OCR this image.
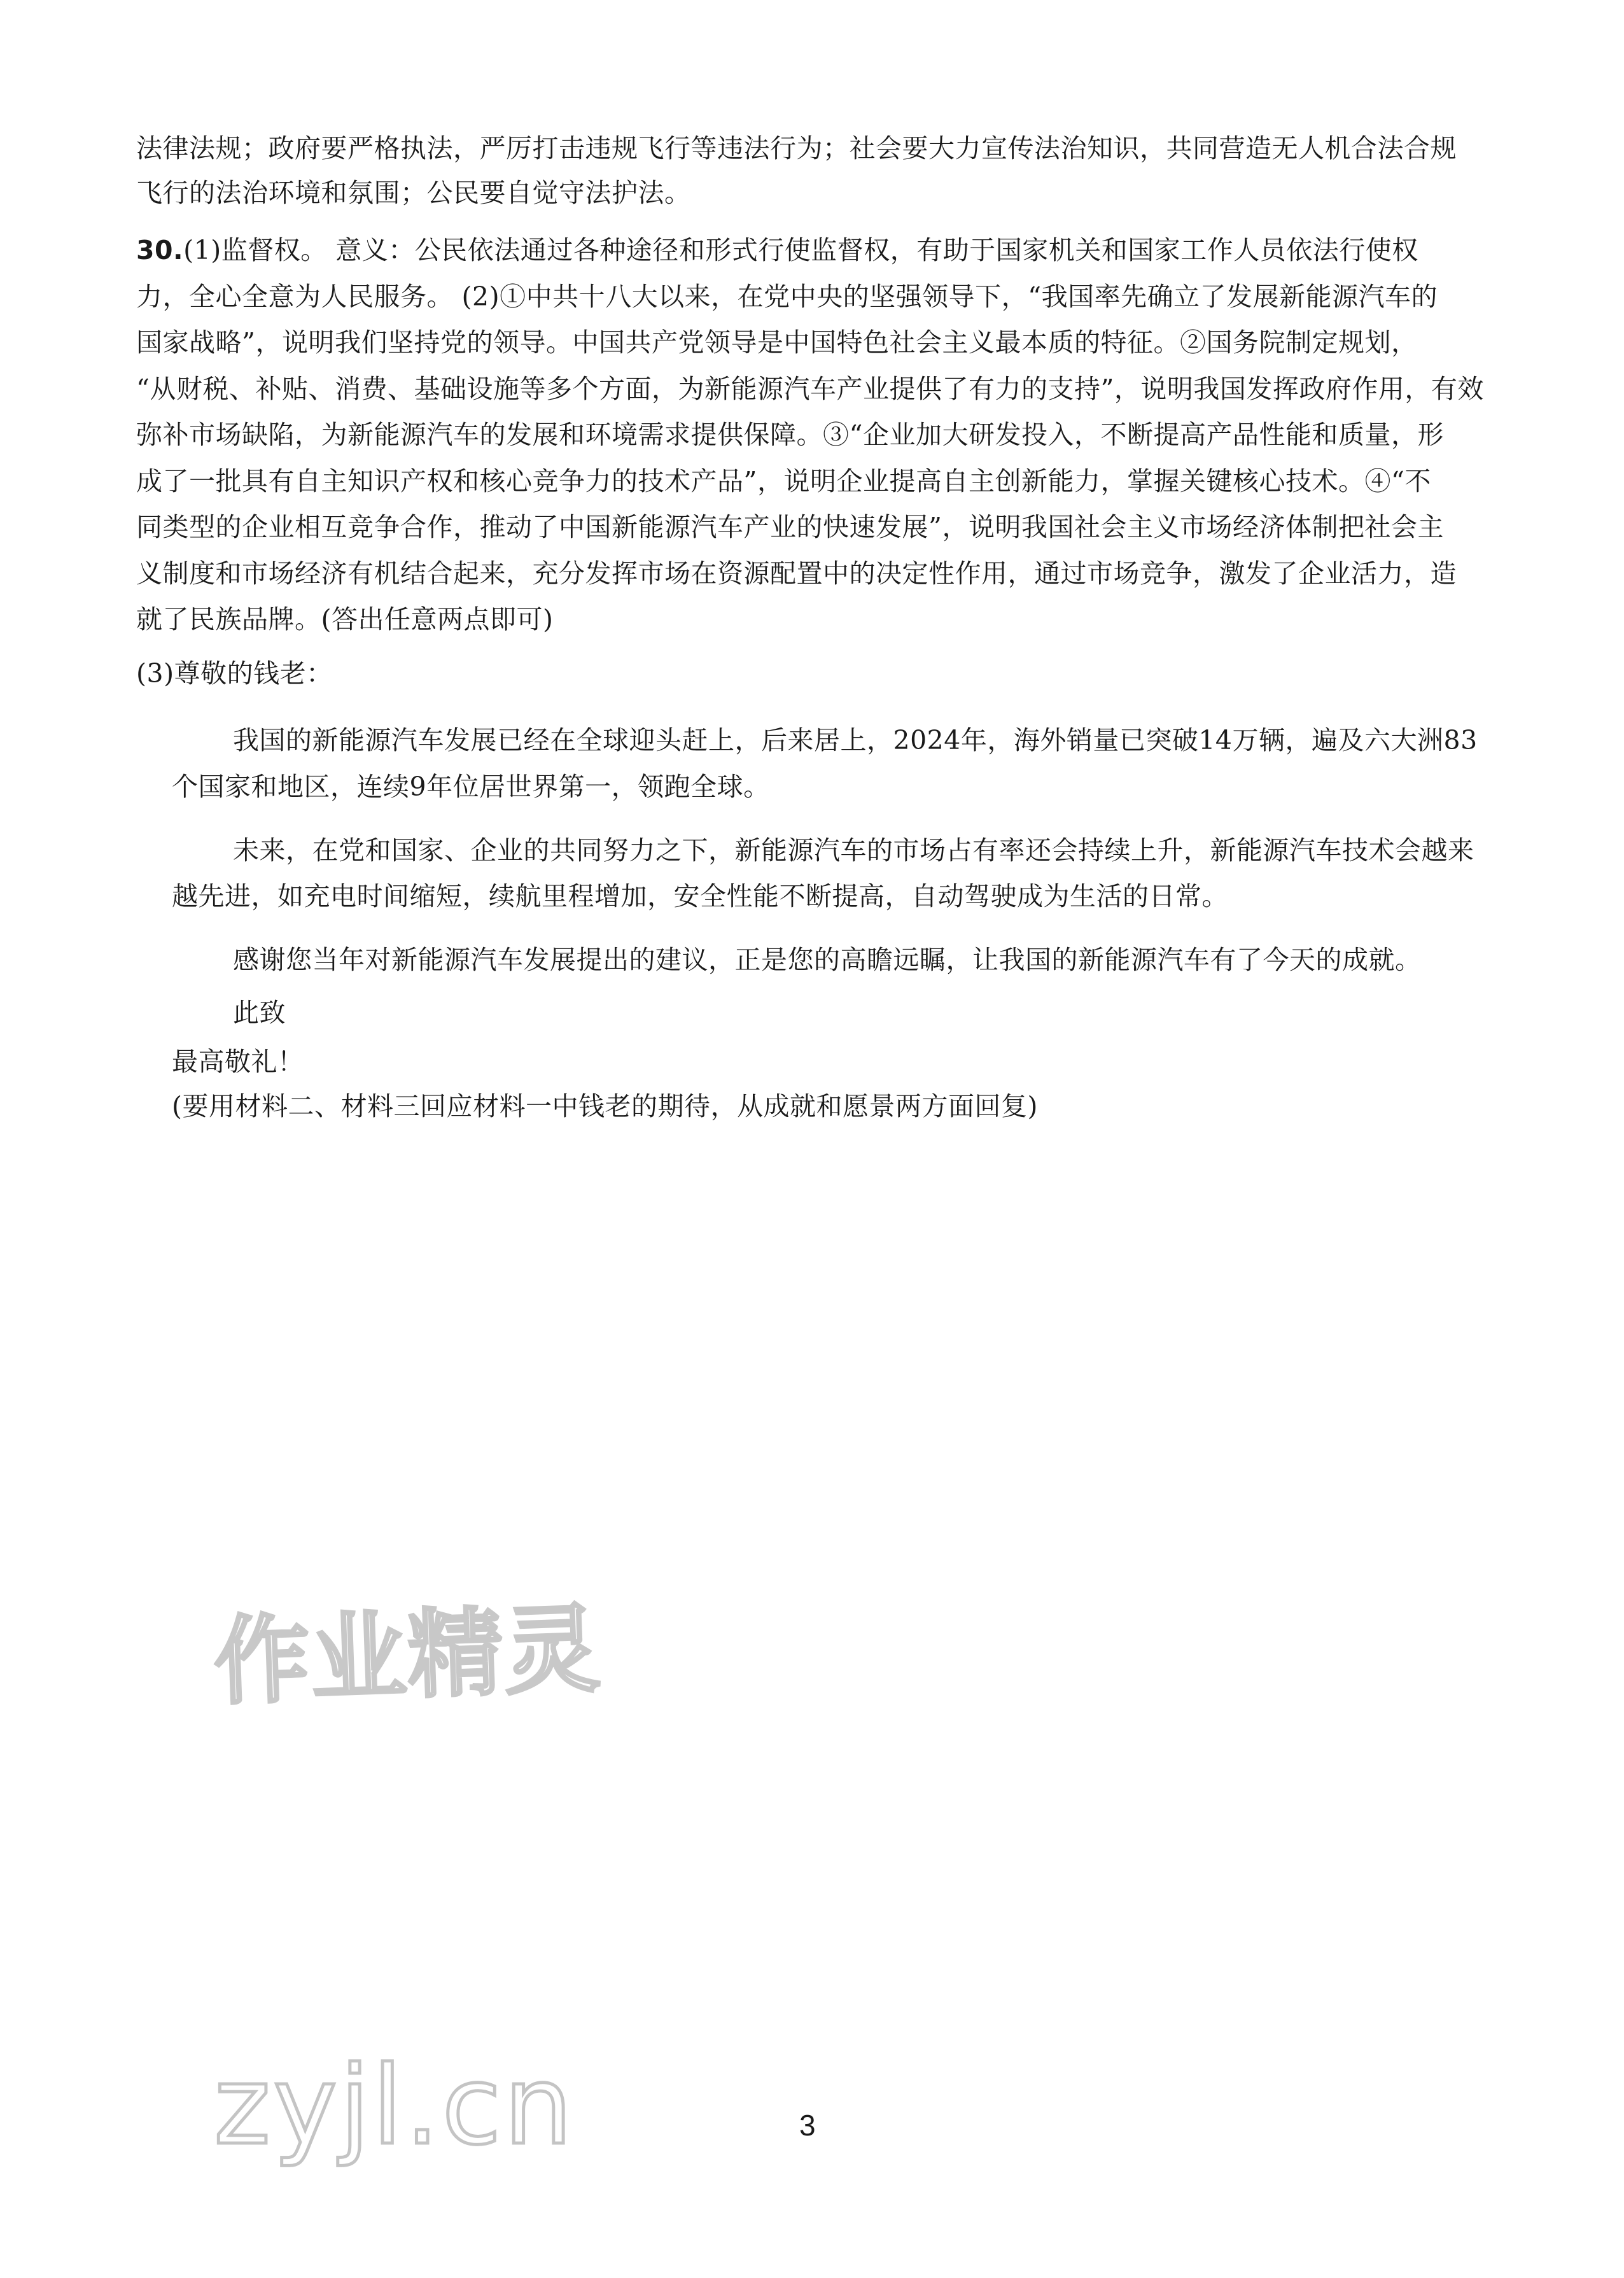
法律法规；政府要严格执法，严厉打击违规飞行等违法行为；社会要大力宣传法治知识，共同营造无人机合法合规
飞行的法治环境和氛围；公民要自觉守法护法。
30.(1)监督权。 意义：公民依法通过各种途径和形式行使监督权，有助于国家机关和国家工作人员依法行使权
力，全心全意为人民服务。 (2)①中共十八大以来，在党中央的坚强领导下，“我国率先确立了发展新能源汽车的
国家战略”，说明我们坚持党的领导。中国共产党领导是中国特色社会主义最本质的特征。②国务院制定规划，
“从财税、补贴、消费、基础设施等多个方面，为新能源汽车产业提供了有力的支持”，说明我国发挥政府作用，有效
弥补市场缺陷，为新能源汽车的发展和环境需求提供保障。③“企业加大研发投入，不断提高产品性能和质量，形
成了一批具有自主知识产权和核心竞争力的技术产品”，说明企业提高自主创新能力，掌握关键核心技术。④“不
同类型的企业相互竞争合作，推动了中国新能源汽车产业的快速发展”，说明我国社会主义市场经济体制把社会主
义制度和市场经济有机结合起来，充分发挥市场在资源配置中的决定性作用，通过市场竞争，激发了企业活力，造
就了民族品牌。(答出任意两点即可)
(3)尊敬的钱老：
我国的新能源汽车发展已经在全球迎头赶上，后来居上，2024年，海外销量已突破14万辆，遍及六大洲83
个国家和地区，连续9年位居世界第一，领跑全球。
未来，在党和国家、企业的共同努力之下，新能源汽车的市场占有率还会持续上升，新能源汽车技术会越来
越先进，如充电时间缩短，续航里程增加，安全性能不断提高，自动驾驶成为生活的日常。
感谢您当年对新能源汽车发展提出的建议，正是您的高瞻远瞩，让我国的新能源汽车有了今天的成就。
此致
最高敬礼！
(要用材料二、材料三回应材料一中钱老的期待，从成就和愿景两方面回复)
作业精灵
zyjl.cn	3
